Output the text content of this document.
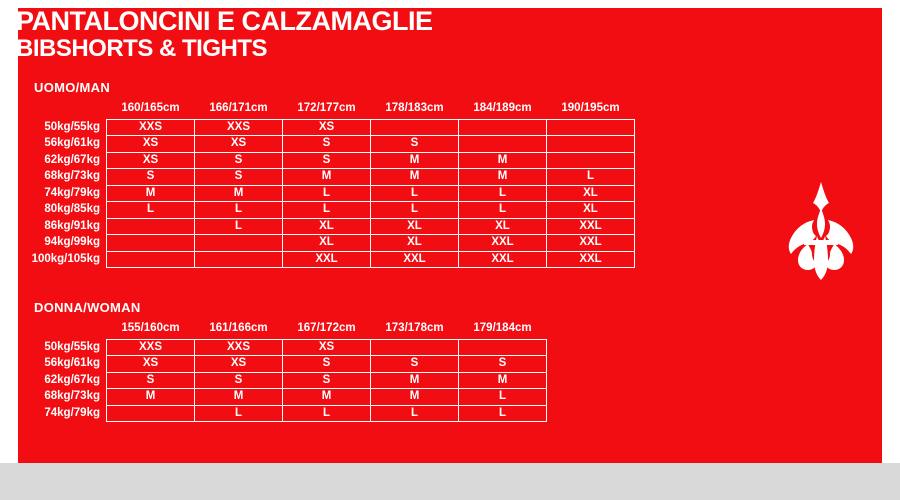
PANTALONCINI E CALZAMAGLIE
BIBSHORTS & TIGHTS
UOMO/MAN
	160/165cm	166/171cm	172/177cm	178/183cm	184/189cm	190/195cm
50kg/55kg	XXS	XXS	XS			
56kg/61kg	XS	XS	S	S		
62kg/67kg	XS	S	S	M	M	
68kg/73kg	S	S	M	M	M	L
74kg/79kg	M	M	L	L	L	XL
80kg/85kg	L	L	L	L	L	XL
86kg/91kg		L	XL	XL	XL	XXL
94kg/99kg			XL	XL	XXL	XXL
100kg/105kg			XXL	XXL	XXL	XXL
DONNA/WOMAN
	155/160cm	161/166cm	167/172cm	173/178cm	179/184cm
50kg/55kg	XXS	XXS	XS		
56kg/61kg	XS	XS	S	S	S
62kg/67kg	S	S	S	M	M
68kg/73kg	M	M	M	M	L
74kg/79kg		L	L	L	L
